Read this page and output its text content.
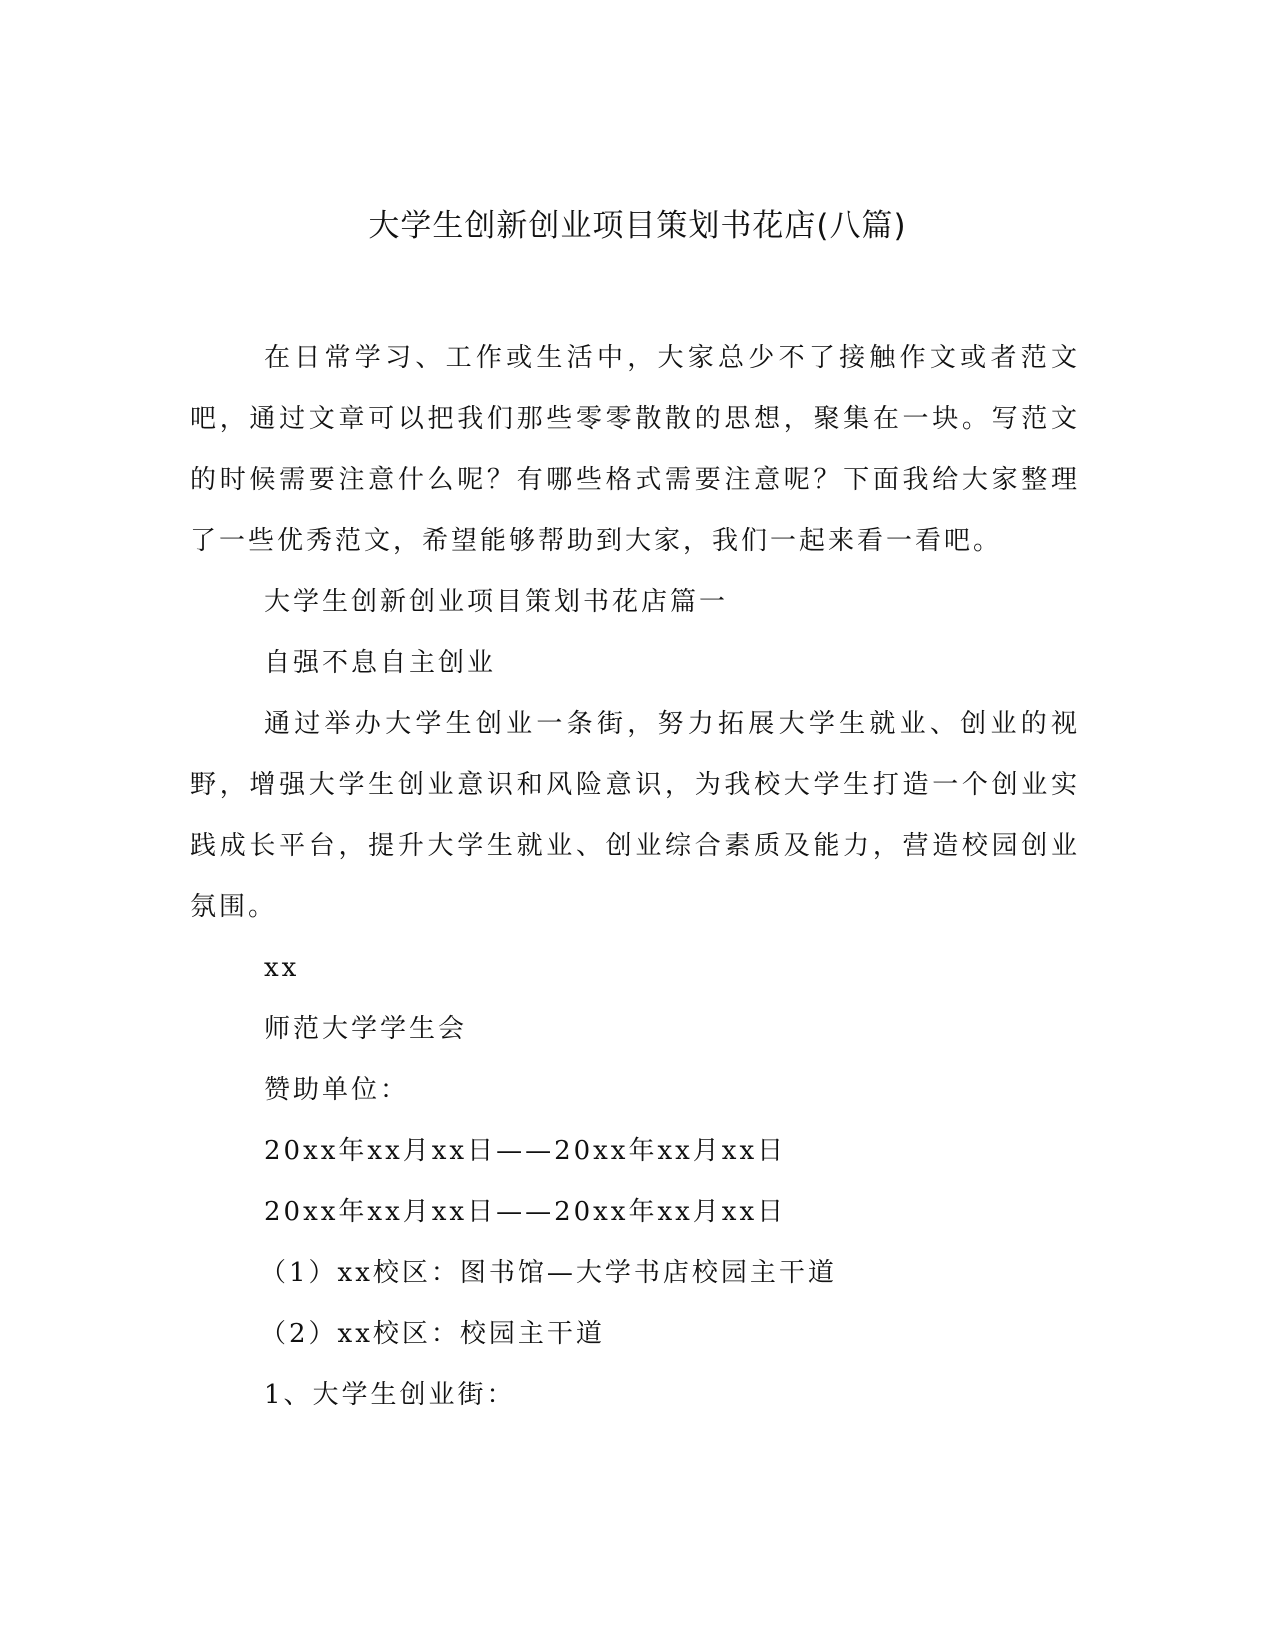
大学生创新创业项目策划书花店(八篇)

在日常学习、工作或生活中，大家总少不了接触作文或者范文吧，通过文章可以把我们那些零零散散的思想，聚集在一块。写范文的时候需要注意什么呢？有哪些格式需要注意呢？下面我给大家整理了一些优秀范文，希望能够帮助到大家，我们一起来看一看吧。

大学生创新创业项目策划书花店篇一

自强不息自主创业

通过举办大学生创业一条街，努力拓展大学生就业、创业的视野，增强大学生创业意识和风险意识，为我校大学生打造一个创业实践成长平台，提升大学生就业、创业综合素质及能力，营造校园创业氛围。

xx

师范大学学生会

赞助单位：

20xx年xx月xx日——20xx年xx月xx日

20xx年xx月xx日——20xx年xx月xx日

（1）xx校区：图书馆—大学书店校园主干道

（2）xx校区：校园主干道

1、大学生创业街：
